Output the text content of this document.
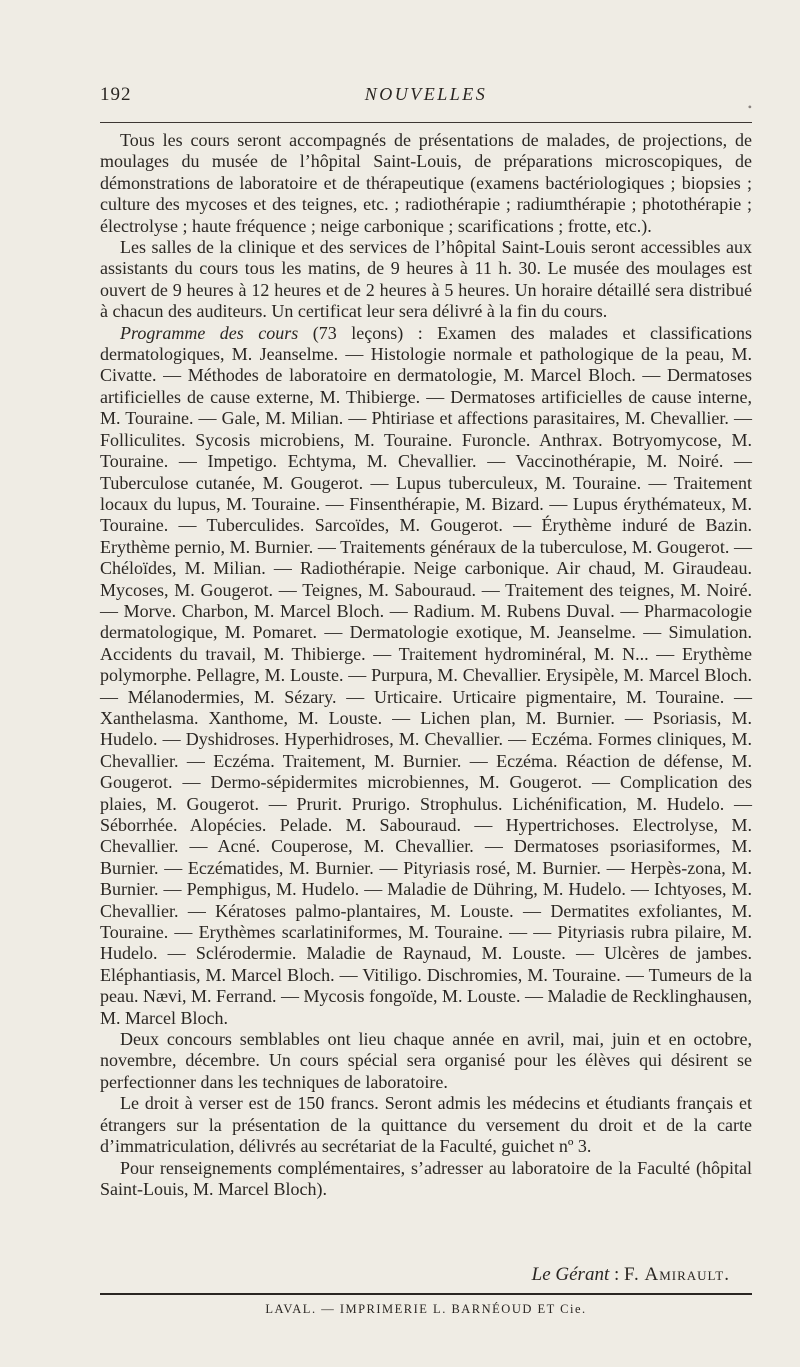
192	NOUVELLES
•

Tous les cours seront accompagnés de présentations de malades, de projections, de moulages du musée de l’hôpital Saint-Louis, de préparations microscopiques, de démonstrations de laboratoire et de thérapeutique (examens bactériologiques ; biopsies ; culture des mycoses et des teignes, etc. ; radiothérapie ; radiumthérapie ; photothérapie ; électrolyse ; haute fréquence ; neige carbonique ; scarifications ; frotte, etc.).

Les salles de la clinique et des services de l’hôpital Saint-Louis seront accessibles aux assistants du cours tous les matins, de 9 heures à 11 h. 30. Le musée des moulages est ouvert de 9 heures à 12 heures et de 2 heures à 5 heures. Un horaire détaillé sera distribué à chacun des auditeurs. Un certificat leur sera délivré à la fin du cours.

Programme des cours (73 leçons) : Examen des malades et classifications dermatologiques, M. Jeanselme. — Histologie normale et pathologique de la peau, M. Civatte. — Méthodes de laboratoire en dermatologie, M. Marcel Bloch. — Dermatoses artificielles de cause externe, M. Thibierge. — Dermatoses artificielles de cause interne, M. Touraine. — Gale, M. Milian. — Phtiriase et affections parasitaires, M. Chevallier. — Folliculites. Sycosis microbiens, M. Touraine. Furoncle. Anthrax. Botryomycose, M. Touraine. — Impetigo. Echtyma, M. Chevallier. — Vaccinothérapie, M. Noiré. — Tuberculose cutanée, M. Gougerot. — Lupus tuberculeux, M. Touraine. — Traitement locaux du lupus, M. Touraine. — Finsenthérapie, M. Bizard. — Lupus érythémateux, M. Touraine. — Tuberculides. Sarcoïdes, M. Gougerot. — Érythème induré de Bazin. Erythème pernio, M. Burnier. — Traitements généraux de la tuberculose, M. Gougerot. — Chéloïdes, M. Milian. — Radiothérapie. Neige carbonique. Air chaud, M. Giraudeau. Mycoses, M. Gougerot. — Teignes, M. Sabouraud. — Traitement des teignes, M. Noiré. — Morve. Charbon, M. Marcel Bloch. — Radium. M. Rubens Duval. — Pharmacologie dermatologique, M. Pomaret. — Dermatologie exotique, M. Jeanselme. — Simulation. Accidents du travail, M. Thibierge. — Traitement hydrominéral, M. N... — Erythème polymorphe. Pellagre, M. Louste. — Purpura, M. Chevallier. Erysipèle, M. Marcel Bloch. — Mélanodermies, M. Sézary. — Urticaire. Urticaire pigmentaire, M. Touraine. — Xanthelasma. Xanthome, M. Louste. — Lichen plan, M. Burnier. — Psoriasis, M. Hudelo. — Dyshidroses. Hyperhidroses, M. Chevallier. — Eczéma. Formes cliniques, M. Chevallier. — Eczéma. Traitement, M. Burnier. — Eczéma. Réaction de défense, M. Gougerot. — Dermo-sépidermites microbiennes, M. Gougerot. — Complication des plaies, M. Gougerot. — Prurit. Prurigo. Strophulus. Lichénification, M. Hudelo. — Séborrhée. Alopécies. Pelade. M. Sabouraud. — Hypertrichoses. Electrolyse, M. Chevallier. — Acné. Couperose, M. Chevallier. — Dermatoses psoriasiformes, M. Burnier. — Eczématides, M. Burnier. — Pityriasis rosé, M. Burnier. — Herpès-zona, M. Burnier. — Pemphigus, M. Hudelo. — Maladie de Dühring, M. Hudelo. — Ichtyoses, M. Chevallier. — Kératoses palmo-plantaires, M. Louste. — Dermatites exfoliantes, M. Touraine. — Erythèmes scarlatiniformes, M. Touraine. — — Pityriasis rubra pilaire, M. Hudelo. — Sclérodermie. Maladie de Raynaud, M. Louste. — Ulcères de jambes. Eléphantiasis, M. Marcel Bloch. — Vitiligo. Dischromies, M. Touraine. — Tumeurs de la peau. Nævi, M. Ferrand. — Mycosis fongoïde, M. Louste. — Maladie de Recklinghausen, M. Marcel Bloch.

Deux concours semblables ont lieu chaque année en avril, mai, juin et en octobre, novembre, décembre. Un cours spécial sera organisé pour les élèves qui désirent se perfectionner dans les techniques de laboratoire.

Le droit à verser est de 150 francs. Seront admis les médecins et étudiants français et étrangers sur la présentation de la quittance du versement du droit et de la carte d’immatriculation, délivrés au secrétariat de la Faculté, guichet nº 3.

Pour renseignements complémentaires, s’adresser au laboratoire de la Faculté (hôpital Saint-Louis, M. Marcel Bloch).

Le Gérant : F. Amirault.
LAVAL. — IMPRIMERIE L. BARNÉOUD ET Cie.
